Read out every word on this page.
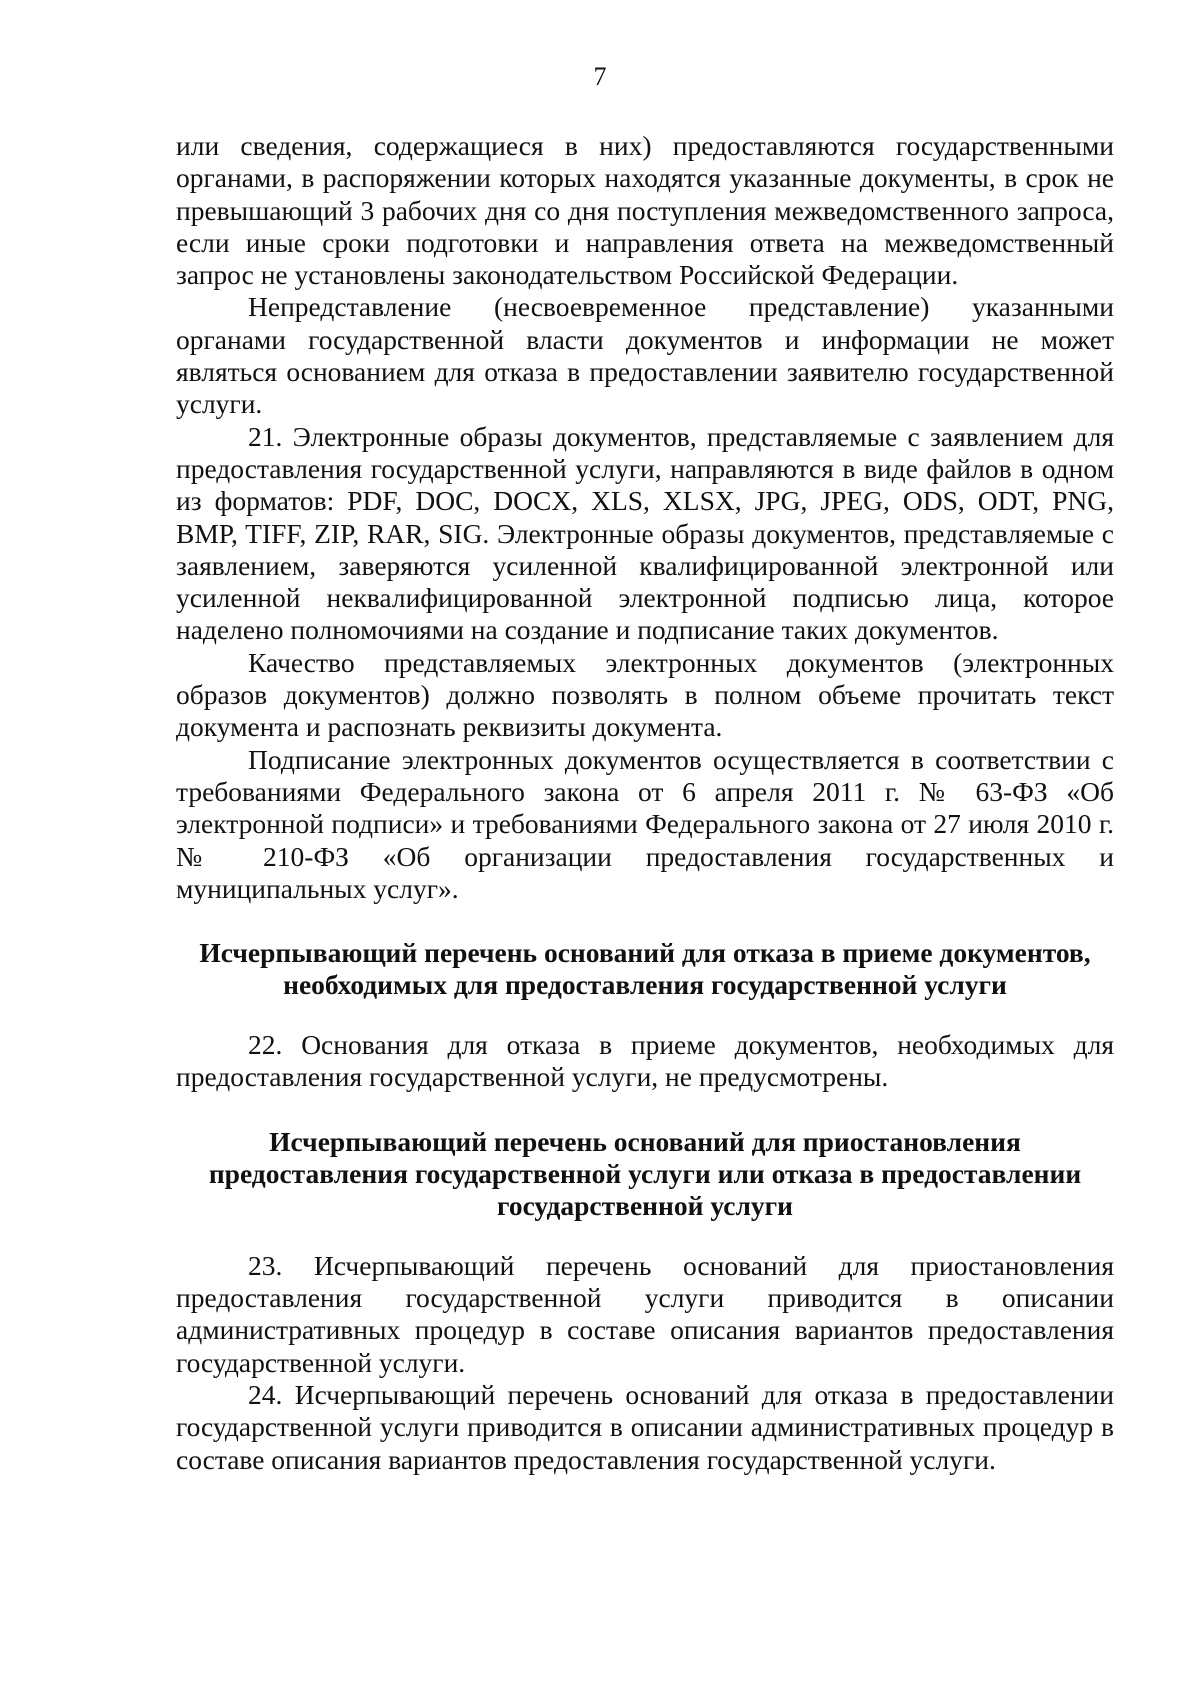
7

или сведения, содержащиеся в них) предоставляются государственными органами, в распоряжении которых находятся указанные документы, в срок не превышающий 3 рабочих дня со дня поступления межведомственного запроса, если иные сроки подготовки и направления ответа на межведомственный запрос не установлены законодательством Российской Федерации.

Непредставление (несвоевременное представление) указанными органами государственной власти документов и информации не может являться основанием для отказа в предоставлении заявителю государственной услуги.

21. Электронные образы документов, представляемые с заявлением для предоставления государственной услуги, направляются в виде файлов в одном из форматов: PDF, DOC, DOCX, XLS, XLSX, JPG, JPEG, ODS, ODT, PNG, BMP, TIFF, ZIP, RAR, SIG. Электронные образы документов, представляемые с заявлением, заверяются усиленной квалифицированной электронной или усиленной неквалифицированной электронной подписью лица, которое наделено полномочиями на создание и подписание таких документов.

Качество представляемых электронных документов (электронных образов документов) должно позволять в полном объеме прочитать текст документа и распознать реквизиты документа.

Подписание электронных документов осуществляется в соответствии с требованиями Федерального закона от 6 апреля 2011 г. № 63-ФЗ «Об электронной подписи» и требованиями Федерального закона от 27 июля 2010 г. № 210-ФЗ «Об организации предоставления государственных и муниципальных услуг».

Исчерпывающий перечень оснований для отказа в приеме документов, необходимых для предоставления государственной услуги

22. Основания для отказа в приеме документов, необходимых для предоставления государственной услуги, не предусмотрены.

Исчерпывающий перечень оснований для приостановления предоставления государственной услуги или отказа в предоставлении государственной услуги

23. Исчерпывающий перечень оснований для приостановления предоставления государственной услуги приводится в описании административных процедур в составе описания вариантов предоставления государственной услуги.

24. Исчерпывающий перечень оснований для отказа в предоставлении государственной услуги приводится в описании административных процедур в составе описания вариантов предоставления государственной услуги.
